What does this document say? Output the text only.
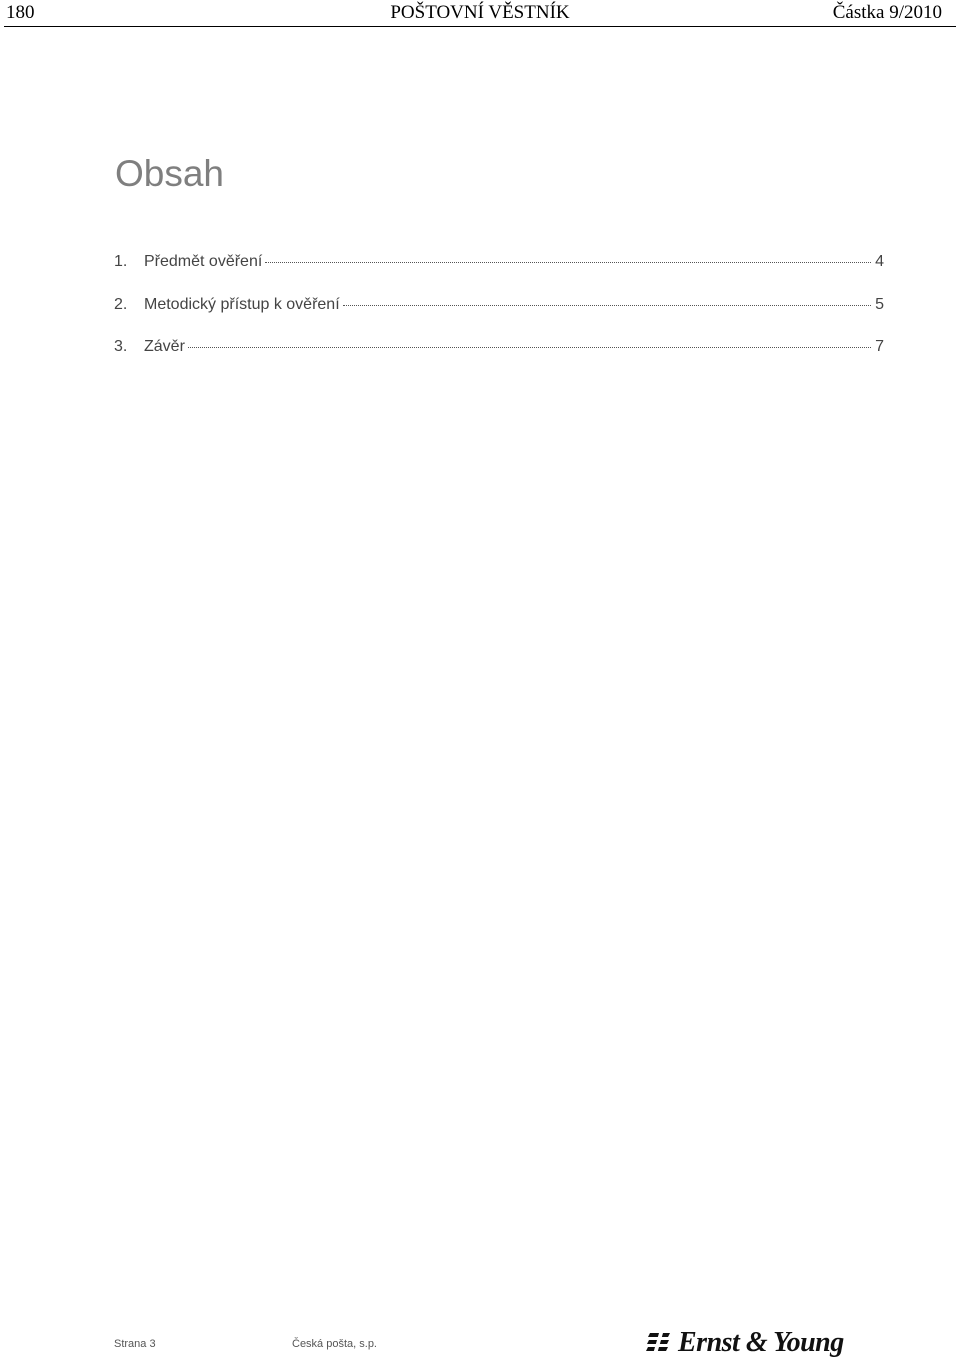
180	POŠTOVNÍ VĚSTNÍK	Částka 9/2010
Obsah
1.	Předmět ověření	4
2.	Metodický přístup k ověření	5
3.	Závěr	7
Strana 3	Česká pošta, s.p.	Ernst & Young
